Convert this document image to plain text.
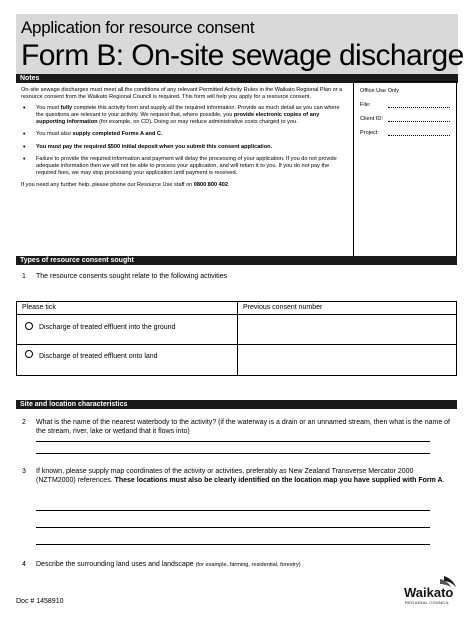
Application for resource consent
Form B: On-site sewage discharge
Notes

On-site sewage discharges must meet all the conditions of any relevant Permitted Activity Rules in the Waikato Regional Plan or a resource consent from the Waikato Regional Council is required. This form will help you apply for a resource consent.

• You must fully complete this activity form and supply all the required information. Provide as much detail as you can where the questions are relevant to your activity. We request that, where possible, you provide electronic copies of any supporting information (for example, on CD). Doing so may reduce administrative costs charged to you.
• You must also supply completed Forms A and C.
• You must pay the required $500 initial deposit when you submit this consent application.
• Failure to provide the required information and payment will delay the processing of your application. If you do not provide adequate information then we will not be able to process your application, and will return it to you. If you do not pay the required fees, we may stop processing your application until payment is received.

If you need any further help, please phone our Resource Use staff on 0800 800 402.

Office Use Only
File:
Client ID:
Project:
Types of resource consent sought
1 The resource consents sought relate to the following activities
Please tick	Previous consent number
Discharge of treated effluent into the ground
Discharge of treated effluent onto land
Site and location characteristics
2 What is the name of the nearest waterbody to the activity? (if the waterway is a drain or an unnamed stream, then what is the name of the stream, river, lake or wetland that it flows into)
3 If known, please supply map coordinates of the activity or activities, preferably as New Zealand Transverse Mercator 2000 (NZTM2000) references. These locations must also be clearly identified on the location map you have supplied with Form A.
4 Describe the surrounding land uses and landscape (for example, farming, residential, forestry)
Doc # 1458910
Waikato
REGIONAL COUNCIL
